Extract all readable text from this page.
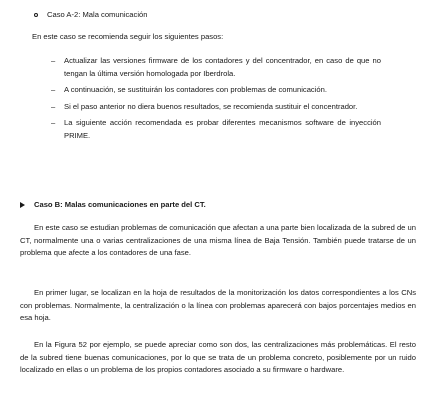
Caso A-2: Mala comunicación
En este caso se recomienda seguir los siguientes pasos:
– Actualizar las versiones firmware de los contadores y del concentrador, en caso de que no tengan la última versión homologada por Iberdrola.
– A continuación, se sustituirán los contadores con problemas de comunicación.
– Si el paso anterior no diera buenos resultados, se recomienda sustituir el concentrador.
– La siguiente acción recomendada es probar diferentes mecanismos software de inyección PRIME.
Caso B: Malas comunicaciones en parte del CT.

En este caso se estudian problemas de comunicación que afectan a una parte bien localizada de la subred de un CT, normalmente una o varias centralizaciones de una misma línea de Baja Tensión. También puede tratarse de un problema que afecte a los contadores de una fase.

En primer lugar, se localizan en la hoja de resultados de la monitorización los datos correspondientes a los CNs con problemas. Normalmente, la centralización o la línea con problemas aparecerá con bajos porcentajes medios en esa hoja.

En la Figura 52 por ejemplo, se puede apreciar como son dos, las centralizaciones más problemáticas. El resto de la subred tiene buenas comunicaciones, por lo que se trata de un problema concreto, posiblemente por un ruido localizado en ellas o un problema de los propios contadores asociado a su firmware o hardware.
